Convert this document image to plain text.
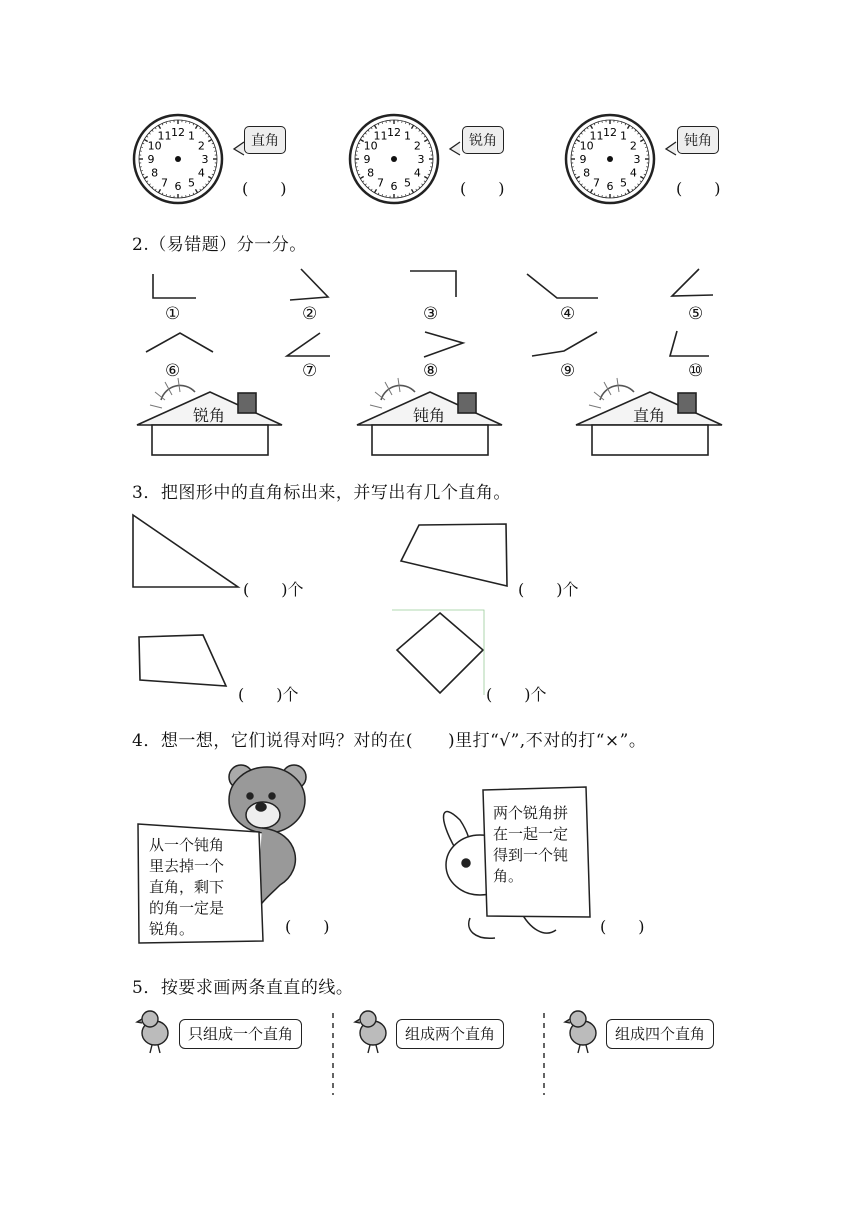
12 1
2
3
4
5
6
7
8
9
10
11	12 1
2
3
4
5
6
7
8
9
10
11	12 1
2
3
4
5
6
7
8
9
10
11
直角	锐角	钝角
(　　)	(　　)	(　　)
2.（易错题）分一分。
①	②	③	④	⑤
⑥	⑦	⑧	⑨	⑩
锐角	钝角	直角
3．把图形中的直角标出来，并写出有几个直角。
(　　)个	(　　)个
(　　)个	(　　)个
4．想一想，它们说得对吗？对的在(　　)里打“√”,不对的打“×”。
从一个钝角
里去掉一个
直角，剩下
的角一定是
锐角。
两个锐角拼
在一起一定
得到一个钝
角。
(　　)	(　　)
5．按要求画两条直直的线。
只组成一个直角	组成两个直角	组成四个直角
